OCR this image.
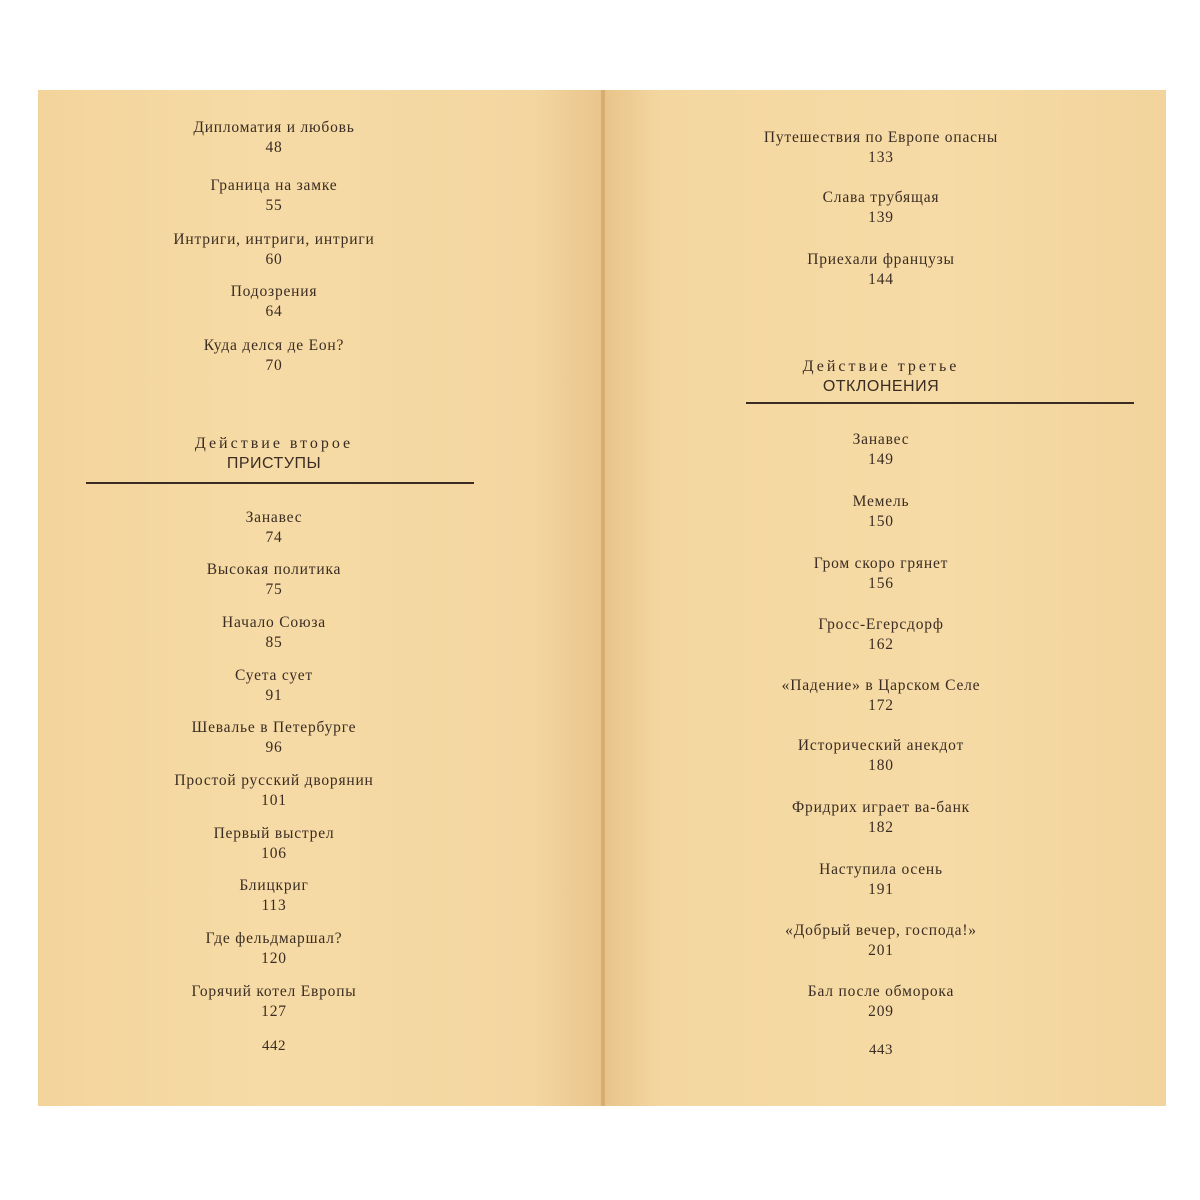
Дипломатия и любовь
48
Граница на замке
55
Интриги, интриги, интриги
60
Подозрения
64
Куда делся де Еон?
70
Действие второе
ПРИСТУПЫ
Занавес
74
Высокая политика
75
Начало Союза
85
Суета сует
91
Шевалье в Петербурге
96
Простой русский дворянин
101
Первый выстрел
106
Блицкриг
113
Где фельдмаршал?
120
Горячий котел Европы
127
442
Путешествия по Европе опасны
133
Слава трубящая
139
Приехали французы
144
Действие третье
ОТКЛОНЕНИЯ
Занавес
149
Мемель
150
Гром скоро грянет
156
Гросс-Егерсдорф
162
«Падение» в Царском Селе
172
Исторический анекдот
180
Фридрих играет ва-банк
182
Наступила осень
191
«Добрый вечер, господа!»
201
Бал после обморока
209
443
